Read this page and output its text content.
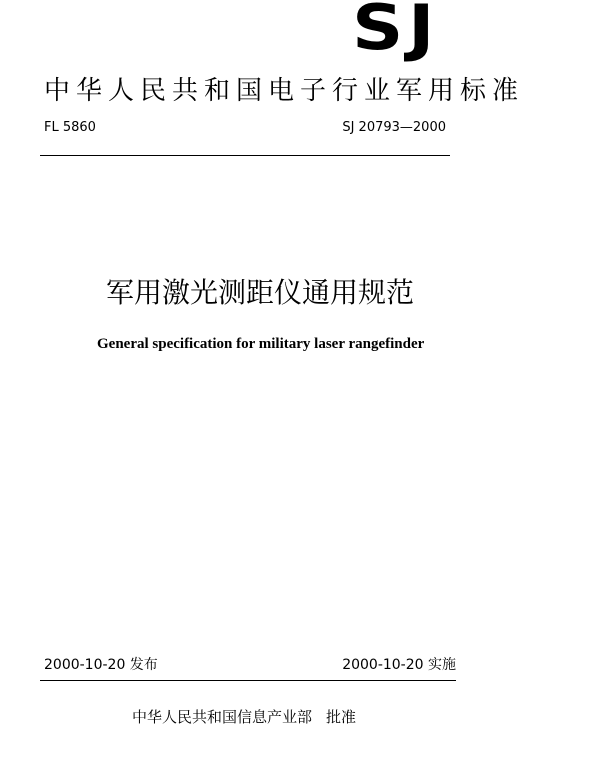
SJ
中华人民共和国电子行业军用标准
FL 5860	SJ 20793—2000
军用激光测距仪通用规范
General specification for military laser rangefinder
2000-10-20 发布	2000-10-20 实施
中华人民共和国信息产业部 批准
